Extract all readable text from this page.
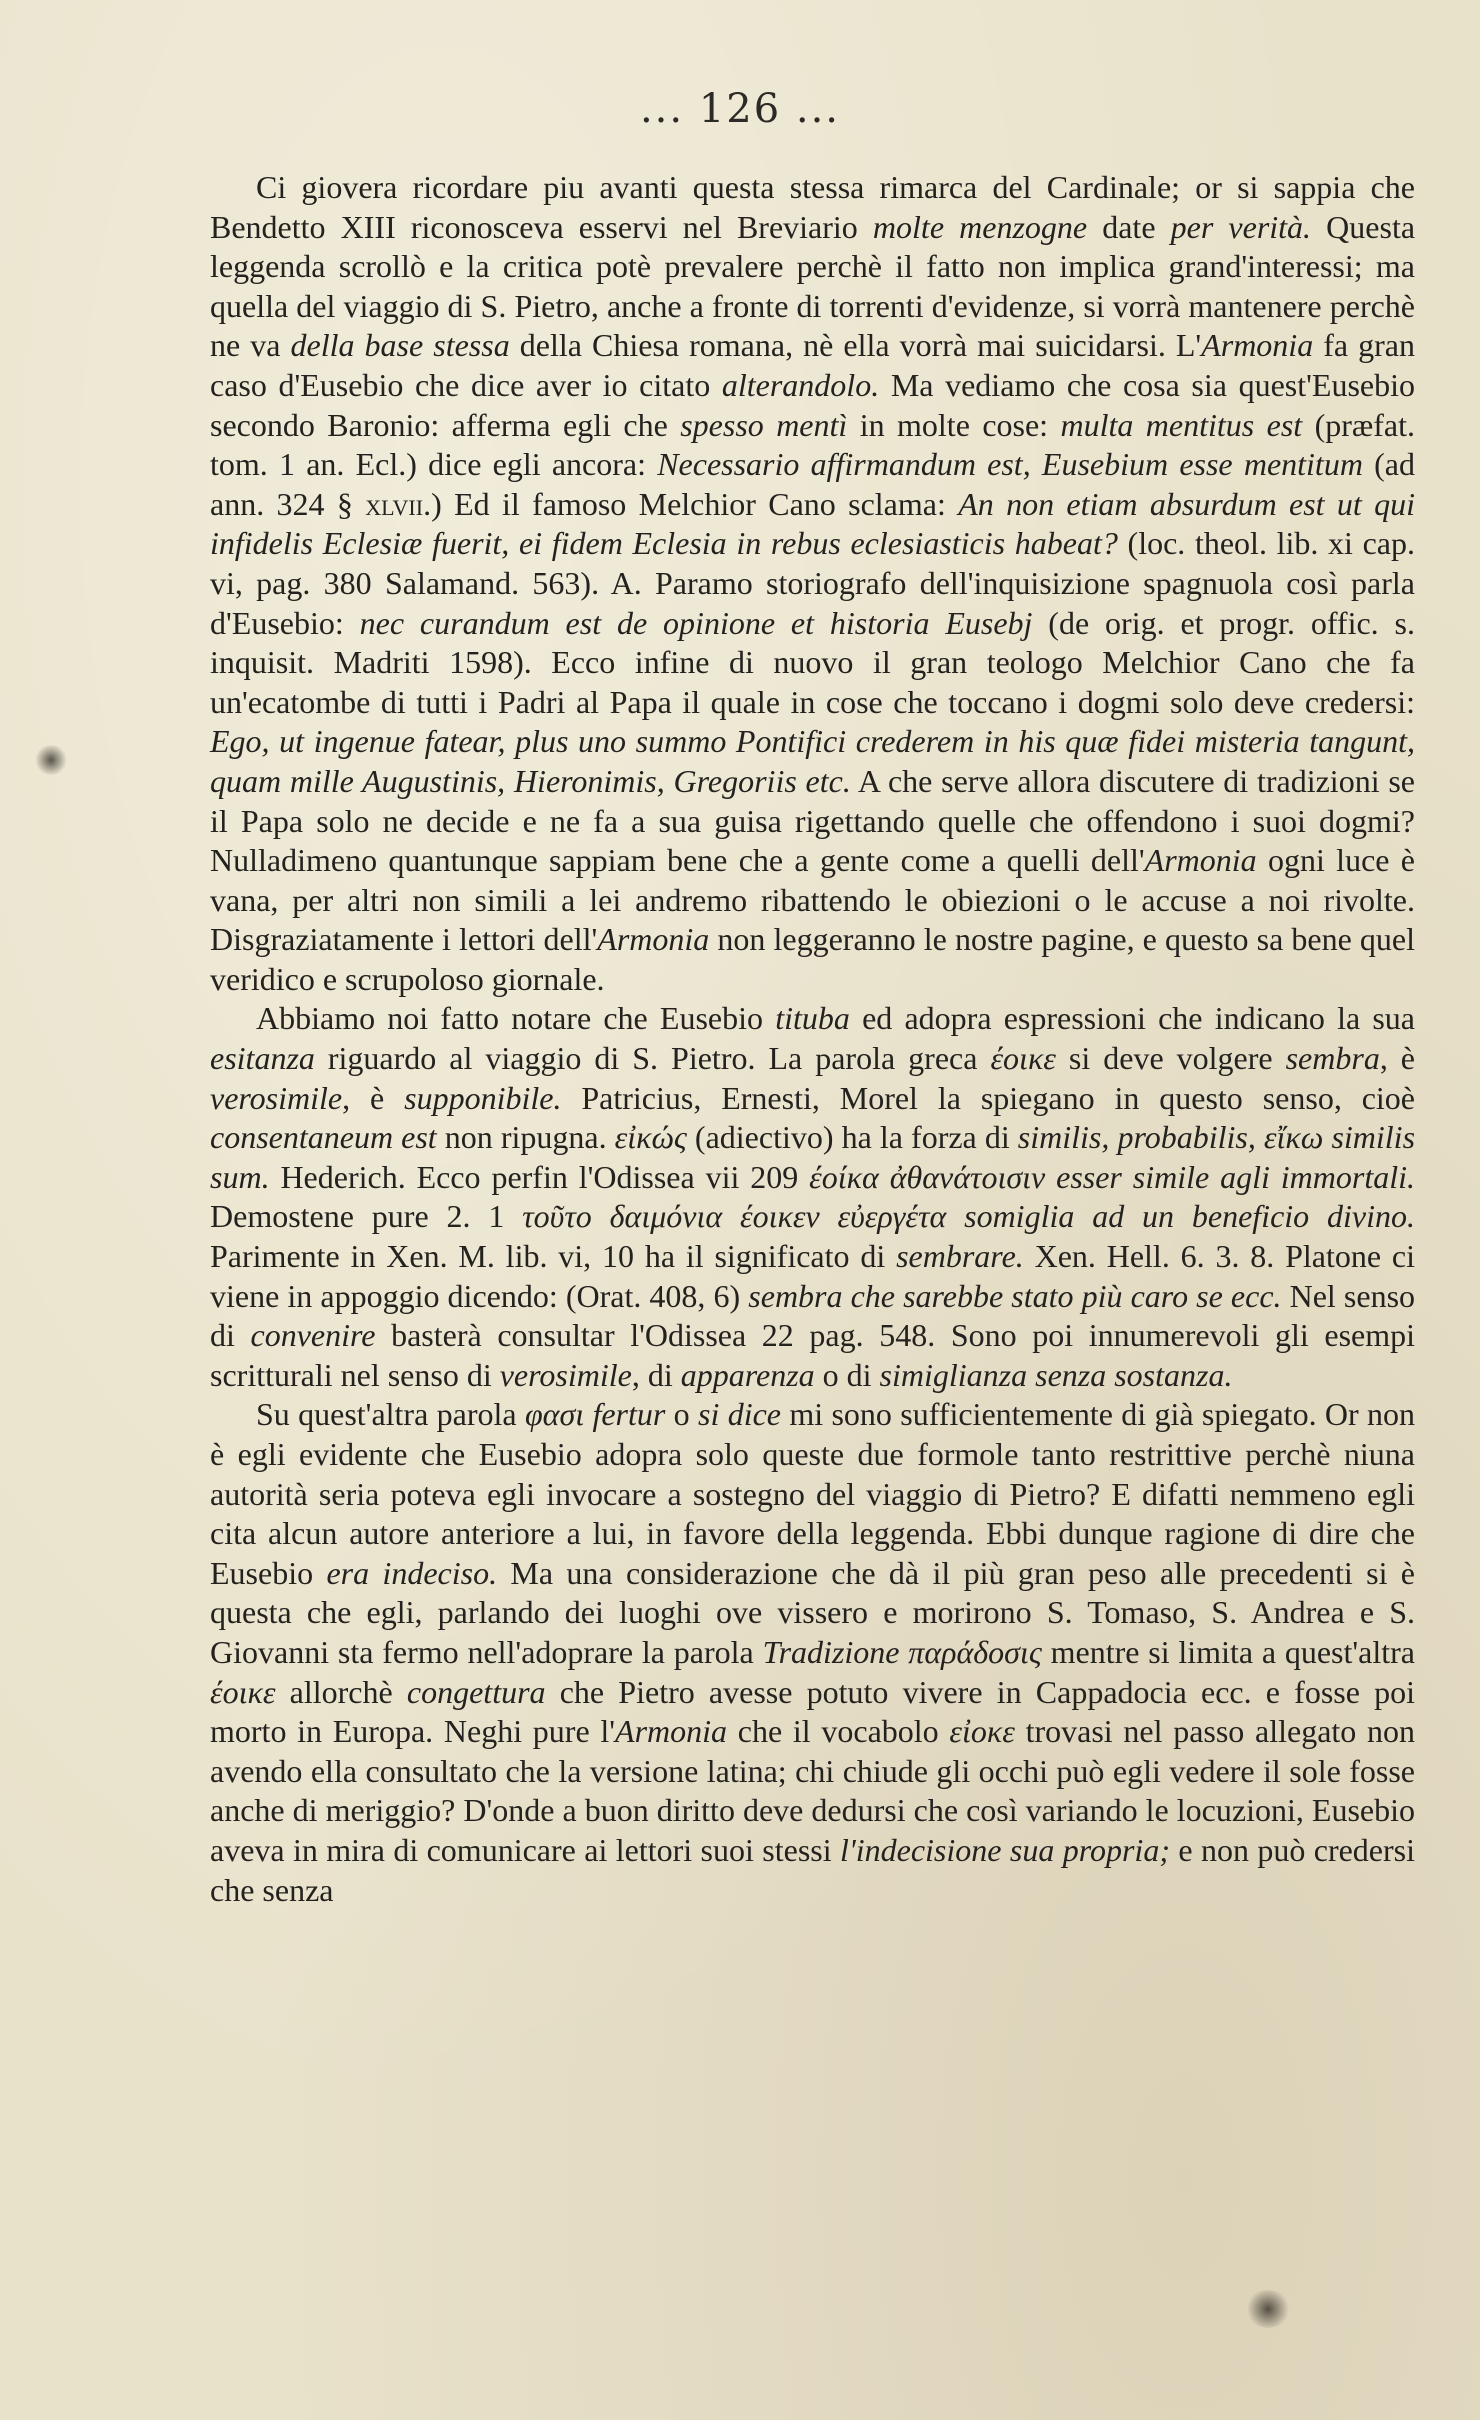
... 126 ...

Ci giovera ricordare piu avanti questa stessa rimarca del Cardinale; or si sappia che Bendetto XIII riconosceva esservi nel Breviario molte menzogne date per verità. Questa leggenda scrollò e la critica potè prevalere perchè il fatto non implica grand'interessi; ma quella del viaggio di S. Pietro, anche a fronte di torrenti d'evidenze, si vorrà mantenere perchè ne va della base stessa della Chiesa romana, nè ella vorrà mai suicidarsi. L'Armonia fa gran caso d'Eusebio che dice aver io citato alterandolo. Ma vediamo che cosa sia quest'Eusebio secondo Baronio: afferma egli che spesso mentì in molte cose: multa mentitus est (præfat. tom. 1 an. Ecl.) dice egli ancora: Necessario affirmandum est, Eusebium esse mentitum (ad ann. 324 § xlvii.) Ed il famoso Melchior Cano sclama: An non etiam absurdum est ut qui infidelis Eclesiæ fuerit, ei fidem Eclesia in rebus eclesiasticis habeat? (loc. theol. lib. xi cap. vi, pag. 380 Salamand. 563). A. Paramo storiografo dell'inquisizione spagnuola così parla d'Eusebio: nec curandum est de opinione et historia Eusebj (de orig. et progr. offic. s. inquisit. Madriti 1598). Ecco infine di nuovo il gran teologo Melchior Cano che fa un'ecatombe di tutti i Padri al Papa il quale in cose che toccano i dogmi solo deve credersi: Ego, ut ingenue fatear, plus uno summo Pontifici crederem in his quæ fidei misteria tangunt, quam mille Augustinis, Hieronimis, Gregoriis etc. A che serve allora discutere di tradizioni se il Papa solo ne decide e ne fa a sua guisa rigettando quelle che offendono i suoi dogmi? Nulladimeno quantunque sappiam bene che a gente come a quelli dell'Armonia ogni luce è vana, per altri non simili a lei andremo ribattendo le obiezioni o le accuse a noi rivolte. Disgraziatamente i lettori dell'Armonia non leggeranno le nostre pagine, e questo sa bene quel veridico e scrupoloso giornale.

Abbiamo noi fatto notare che Eusebio tituba ed adopra espressioni che indicano la sua esitanza riguardo al viaggio di S. Pietro. La parola greca έοικε si deve volgere sembra, è verosimile, è supponibile. Patricius, Ernesti, Morel la spiegano in questo senso, cioè consentaneum est non ripugna. εἰκώς (adiectivo) ha la forza di similis, probabilis, εἴκω similis sum. Hederich. Ecco perfin l'Odissea vii 209 έοίκα ἀθανάτοισιν esser simile agli immortali. Demostene pure 2. 1 τοῦτο δαιμόνια έοικεν εὐεργέτα somiglia ad un beneficio divino. Parimente in Xen. M. lib. vi, 10 ha il significato di sembrare. Xen. Hell. 6. 3. 8. Platone ci viene in appoggio dicendo: (Orat. 408, 6) sembra che sarebbe stato più caro se ecc. Nel senso di convenire basterà consultar l'Odissea 22 pag. 548. Sono poi innumerevoli gli esempi scritturali nel senso di verosimile, di apparenza o di simiglianza senza sostanza.

Su quest'altra parola φασι fertur o si dice mi sono sufficientemente di già spiegato. Or non è egli evidente che Eusebio adopra solo queste due formole tanto restrittive perchè niuna autorità seria poteva egli invocare a sostegno del viaggio di Pietro? E difatti nemmeno egli cita alcun autore anteriore a lui, in favore della leggenda. Ebbi dunque ragione di dire che Eusebio era indeciso. Ma una considerazione che dà il più gran peso alle precedenti si è questa che egli, parlando dei luoghi ove vissero e morirono S. Tomaso, S. Andrea e S. Giovanni sta fermo nell'adoprare la parola Tradizione παράδοσις mentre si limita a quest'altra έοικε allorchè congettura che Pietro avesse potuto vivere in Cappadocia ecc. e fosse poi morto in Europa. Neghi pure l'Armonia che il vocabolo εἰοκε trovasi nel passo allegato non avendo ella consultato che la versione latina; chi chiude gli occhi può egli vedere il sole fosse anche di meriggio? D'onde a buon diritto deve dedursi che così variando le locuzioni, Eusebio aveva in mira di comunicare ai lettori suoi stessi l'indecisione sua propria; e non può credersi che senza
